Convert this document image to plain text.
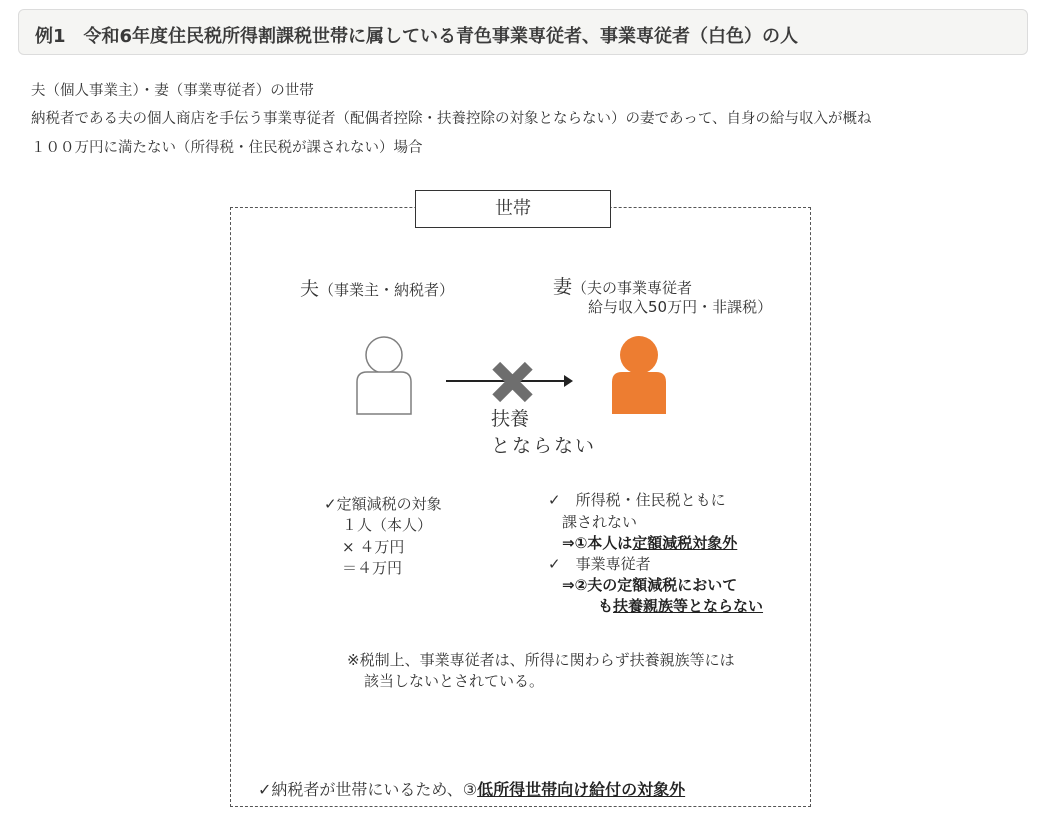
例1　令和6年度住民税所得割課税世帯に属している青色事業専従者、事業専従者（白色）の人
夫（個人事業主）・妻（事業専従者）の世帯
納税者である夫の個人商店を手伝う事業専従者（配偶者控除・扶養控除の対象とならない）の妻であって、自身の給与収入が概ね
１００万円に満たない（所得税・住民税が課されない）場合
世帯
夫（事業主・納税者）	妻（夫の事業専従者
給与収入50万円・非課税）
扶養
とならない
✓定額減税の対象
１人（本人）
× ４万円
＝４万円
✓　所得税・住民税ともに
課されない
⇒①本人は定額減税対象外
✓　事業専従者
⇒②夫の定額減税において
も扶養親族等とならない
※税制上、事業専従者は、所得に関わらず扶養親族等には
該当しないとされている。
✓納税者が世帯にいるため、③低所得世帯向け給付の対象外
